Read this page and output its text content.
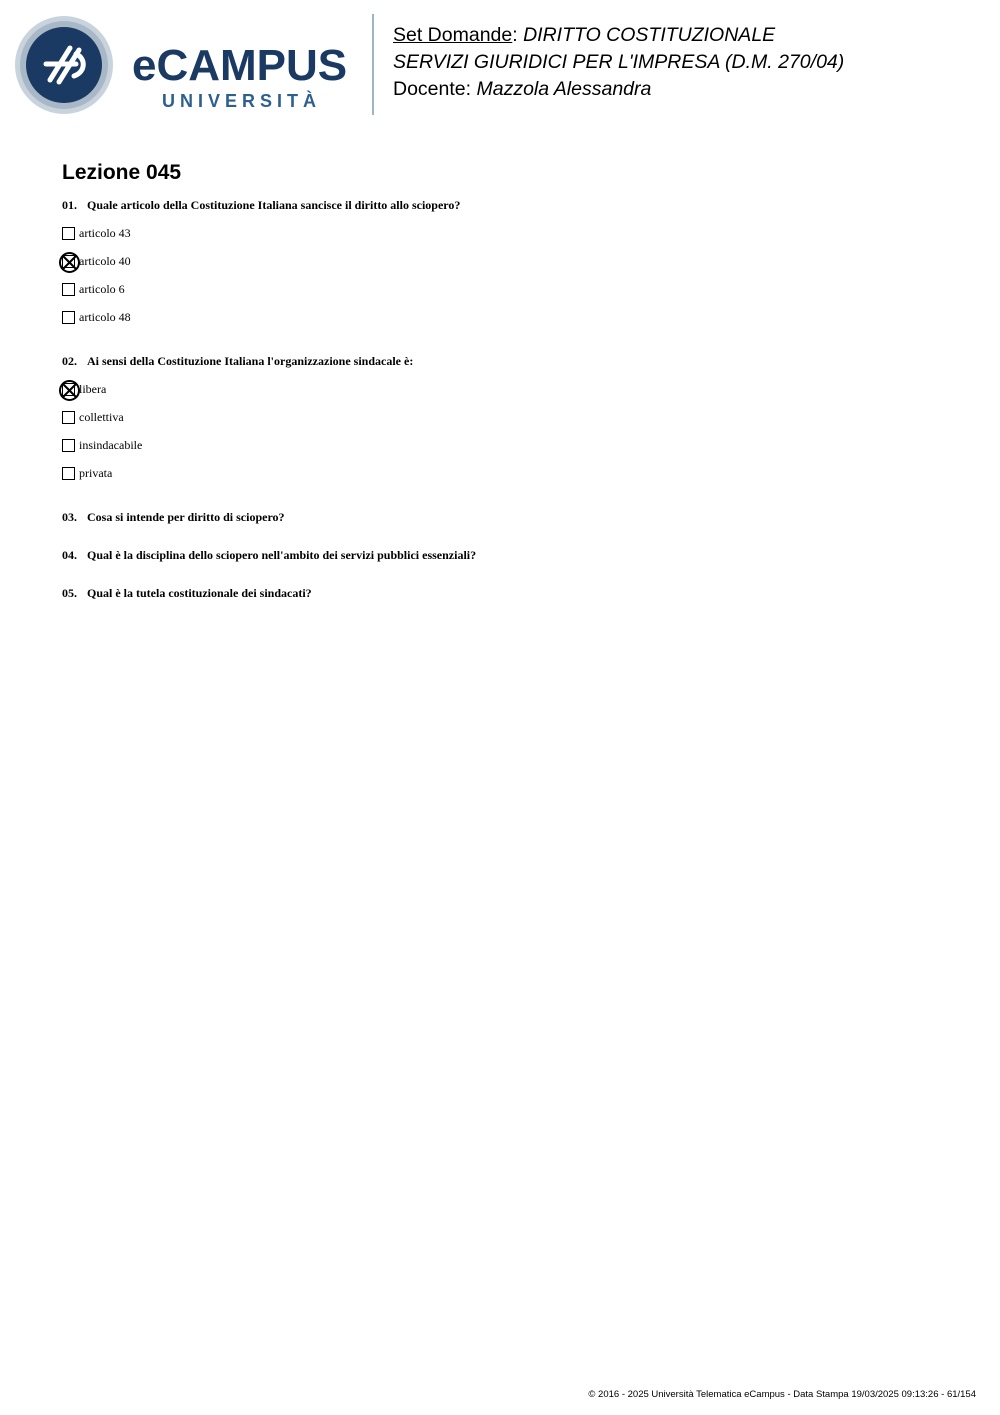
eCAMPUS
UNIVERSITÀ
Set Domande: DIRITTO COSTITUZIONALE
SERVIZI GIURIDICI PER L'IMPRESA (D.M. 270/04)
Docente: Mazzola Alessandra
Lezione 045
01. Quale articolo della Costituzione Italiana sancisce il diritto allo sciopero?
articolo 43
articolo 40
articolo 6
articolo 48
02. Ai sensi della Costituzione Italiana l'organizzazione sindacale è:
libera
collettiva
insindacabile
privata
03. Cosa si intende per diritto di sciopero?
04. Qual è la disciplina dello sciopero nell'ambito dei servizi pubblici essenziali?
05. Qual è la tutela costituzionale dei sindacati?
© 2016 - 2025 Università Telematica eCampus - Data Stampa 19/03/2025 09:13:26 - 61/154
